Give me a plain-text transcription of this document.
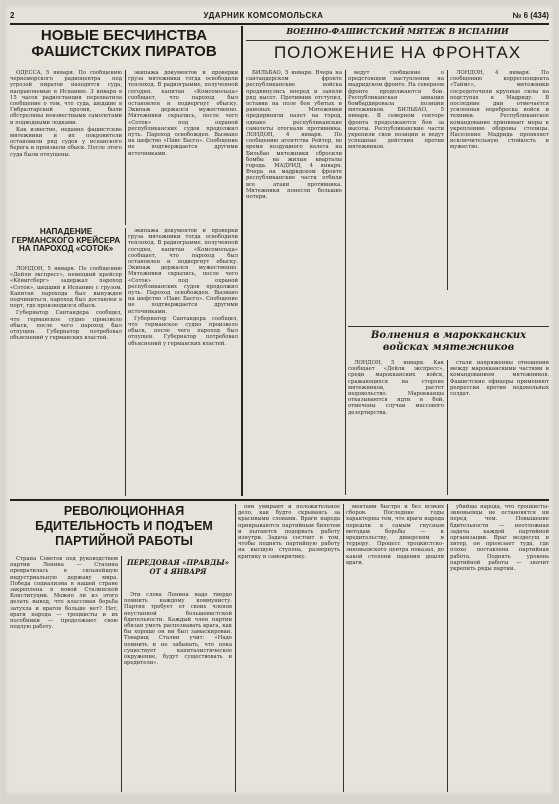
2	УДАРНИК КОМСОМОЛЬСКА	№ 6 (434)
НОВЫЕ БЕСЧИНСТВА ФАШИСТСКИХ ПИРАТОВ

ОДЕССА, 5 января. По сообщению черноморского радиоцентра под угрозой пиратов находятся суда, направляемые в Испанию. 3 января в 15 часов радиостанция перехватила сообщение о том, что суда, шедшие в Гибралтарский пролив, были обстреляны неизвестными самолетами и подводными лодками.

Как известно, недавно фашистские мятежники и их покровители остановили ряд судов у испанского берега и произвели обыск. После этого суда были отпущены.

экипажа документов и проверки груза мятежники тогда освободили теплоход. В радиограмме, полученной сегодня, капитан «Комсомольца» сообщает, что пароход был остановлен и подвергнут обыску. Экипаж держался мужественно. Мятежники скрылись, после чего «Соток» под охраной республиканских судов продолжил путь. Пароход освобожден. Вызвано на шефство «Паис Басго». Сообщение не подтверждается другими источниками.

НАПАДЕНИЕ ГЕРМАНСКОГО КРЕЙСЕРА НА ПАРОХОД «СОТОК»

ЛОНДОН, 5 января. По сообщению «Дейли экспресс», немецкий крейсер «Кёнигсберг» задержал пароход «Соток», шедший в Испанию с грузом. Капитан парохода был вынужден подчиниться, пароход был доставлен в порт, где производился обыск.

Губернатор Сантандера сообщил, что германское судно произвело обыск, после чего пароход был отпущен. Губернатор потребовал объяснений у германских властей.

экипажа документов и проверки груза мятежники тогда освободили теплоход. В радиограмме, полученной сегодня, капитан «Комсомольца» сообщает, что пароход был остановлен и подвергнут обыску. Экипаж держался мужественно. Мятежники скрылись, после чего «Соток» под охраной республиканских судов продолжил путь. Пароход освобожден. Вызвано на шефство «Паис Басго». Сообщение не подтверждается другими источниками.

Губернатор Сантандера сообщил, что германское судно произвело обыск, после чего пароход был отпущен. Губернатор потребовал объяснений у германских властей.

ВОЕННО-ФАШИСТСКИЙ МЯТЕЖ В ИСПАНИИ
ПОЛОЖЕНИЕ НА ФРОНТАХ

БИЛЬБАО, 5 января. Вчера на сантандерском фронте республиканские войска продвинулись вперед и заняли ряд высот. Противник отступил, оставив на поле боя убитых и раненых. Мятежники предприняли налет на город, однако республиканские самолеты отогнали противника. ЛОНДОН, 4 января. По сообщению агентства Рейтер, во время воздушного налета на Бильбао мятежники сбросили бомбы на жилые кварталы города. МАДРИД, 4 января. Вчера на мадридском фронте республиканские части отбили все атаки противника. Мятежники понесли большие потери.

ведут сообщение о предстоящем наступлении на мадридском фронте. На северном фронте продолжаются бои. Республиканская авиация бомбардировала позиции мятежников. БИЛЬБАО, 5 января. В северном секторе фронта продолжаются бои за высоты. Республиканские части укрепили свои позиции и ведут успешные действия против мятежников.

ЛОНДОН, 4 января. По сообщению корреспондента «Таймс», мятежники сосредоточили крупные силы на подступах к Мадриду. В последние дни отмечается усиленная переброска войск и техники. Республиканское командование принимает меры к укреплению обороны столицы. Население Мадрида проявляет исключительную стойкость и мужество.

Волнения в марокканских войсках мятежников

ЛОНДОН, 5 января. Как сообщает «Дейли экспресс», среди марокканских войск, сражающихся на стороне мятежников, растет недовольство. Марокканцы отказываются идти в бой, отмечены случаи массового дезертирства.

стали напряженны отношения между марокканскими частями и командованием мятежников. Фашистские офицеры применяют репрессии против недовольных солдат.

РЕВОЛЮЦИОННАЯ БДИТЕЛЬНОСТЬ И ПОДЪЕМ ПАРТИЙНОЙ РАБОТЫ

Страна Советов под руководством партии Ленина — Сталина превратилась в сильнейшую индустриальную державу мира. Победа социализма в нашей стране закреплена в новой Сталинской Конституции. Можно ли из этого делать вывод, что классовая борьба затухла и врагов больше нет? Нет, враги народа — троцкисты и их пособники — продолжают свою подлую работу.

ПЕРЕДОВАЯ «ПРАВДЫ» ОТ 4 ЯНВАРЯ

Эти слова Ленина надо твердо помнить каждому коммунисту. Партия требует от своих членов неустанной большевистской бдительности. Каждый член партии обязан уметь распознавать врага, как бы хорошо он ни был замаскирован. Товарищ Сталин учит: «Надо помнить и не забывать, что пока существует капиталистическое окружение, будут существовать и вредители».

они умирают и положительное дело, как будто скрываясь за красивыми словами. Враги народа прикрываются партийным билетом и пытаются подорвать работу изнутри. Задача состоит в том, чтобы поднять партийную работу на высшую ступень, развернуть критику и самокритику.

ментами быстро и без всяких сборов. Последние годы характерны тем, что враги народа перешли к самым гнусным методам борьбы — к вредительству, диверсиям и террору. Процесс троцкистско-зиновьевского центра показал, до какой степени падения дошли враги.

убийцы народа, что троцкисты-зиновьевцы не остановятся ни перед чем. Повышение бдительности — неотложная задача каждой партийной организации. Враг вездесущ и хитер, он пролезает туда, где плохо поставлена партийная работа. Поднять уровень партийной работы — значит укрепить ряды партии.
